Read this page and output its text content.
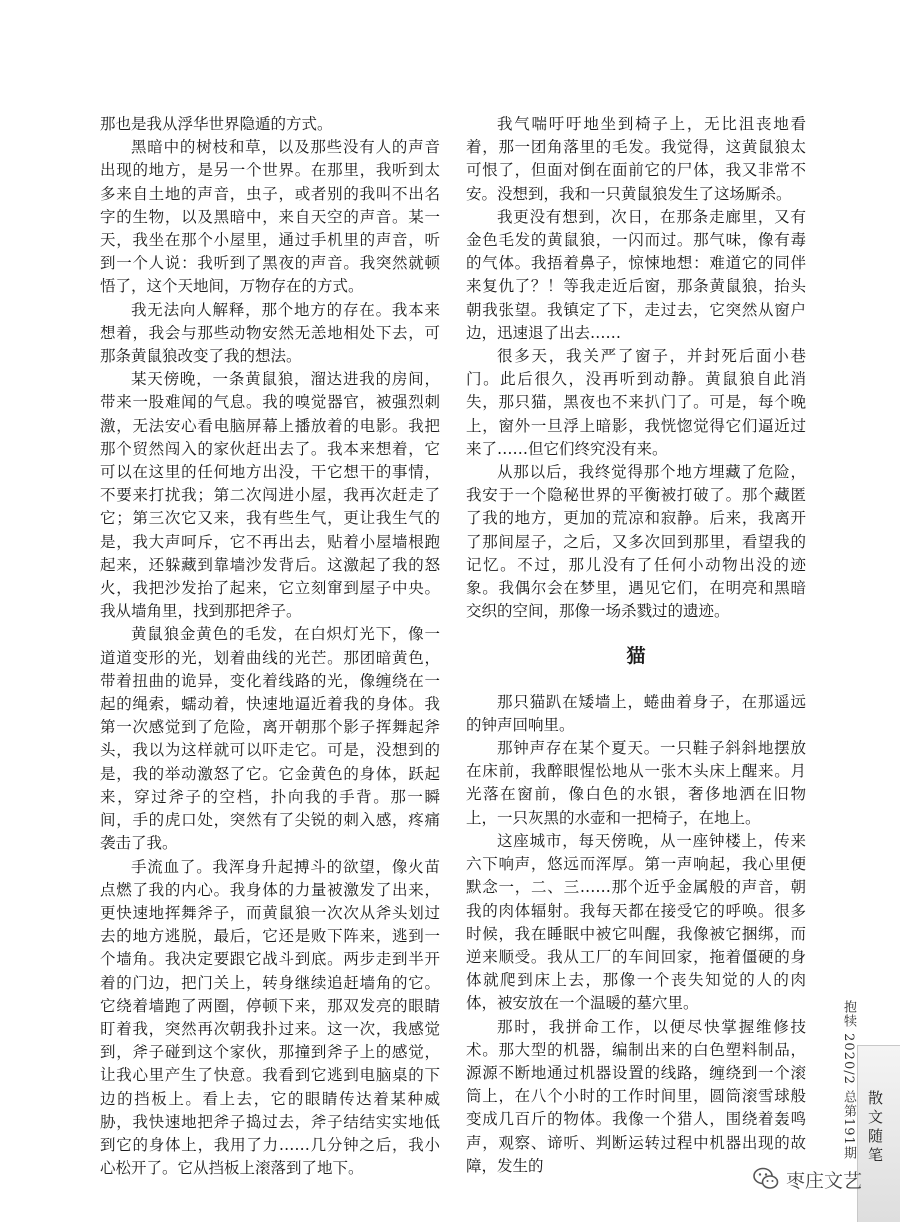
那也是我从浮华世界隐遁的方式。

黑暗中的树枝和草，以及那些没有人的声音出现的地方，是另一个世界。在那里，我听到太多来自土地的声音，虫子，或者别的我叫不出名字的生物，以及黑暗中，来自天空的声音。某一天，我坐在那个小屋里，通过手机里的声音，听到一个人说：我听到了黑夜的声音。我突然就顿悟了，这个天地间，万物存在的方式。

我无法向人解释，那个地方的存在。我本来想着，我会与那些动物安然无恙地相处下去，可那条黄鼠狼改变了我的想法。

某天傍晚，一条黄鼠狼，溜达进我的房间，带来一股难闻的气息。我的嗅觉器官，被强烈刺激，无法安心看电脑屏幕上播放着的电影。我把那个贸然闯入的家伙赶出去了。我本来想着，它可以在这里的任何地方出没，干它想干的事情，不要来打扰我；第二次闯进小屋，我再次赶走了它；第三次它又来，我有些生气，更让我生气的是，我大声呵斥，它不再出去，贴着小屋墙根跑起来，还躲藏到靠墙沙发背后。这激起了我的怒火，我把沙发抬了起来，它立刻窜到屋子中央。我从墙角里，找到那把斧子。

黄鼠狼金黄色的毛发，在白炽灯光下，像一道道变形的光，划着曲线的光芒。那团暗黄色，带着扭曲的诡异，变化着线路的光，像缠绕在一起的绳索，蠕动着，快速地逼近着我的身体。我第一次感觉到了危险，离开朝那个影子挥舞起斧头，我以为这样就可以吓走它。可是，没想到的是，我的举动激怒了它。它金黄色的身体，跃起来，穿过斧子的空档，扑向我的手背。那一瞬间，手的虎口处，突然有了尖锐的刺入感，疼痛袭击了我。

手流血了。我浑身升起搏斗的欲望，像火苗点燃了我的内心。我身体的力量被激发了出来，更快速地挥舞斧子，而黄鼠狼一次次从斧头划过去的地方逃脱，最后，它还是败下阵来，逃到一个墙角。我决定要跟它战斗到底。两步走到半开着的门边，把门关上，转身继续追赶墙角的它。它绕着墙跑了两圈，停顿下来，那双发亮的眼睛盯着我，突然再次朝我扑过来。这一次，我感觉到，斧子碰到这个家伙，那撞到斧子上的感觉，让我心里产生了快意。我看到它逃到电脑桌的下边的挡板上。看上去，它的眼睛传达着某种威胁，我快速地把斧子捣过去，斧子结结实实地低到它的身体上，我用了力……几分钟之后，我小心松开了。它从挡板上滚落到了地下。

我气喘吁吁地坐到椅子上，无比沮丧地看着，那一团角落里的毛发。我觉得，这黄鼠狼太可恨了，但面对倒在面前它的尸体，我又非常不安。没想到，我和一只黄鼠狼发生了这场厮杀。

我更没有想到，次日，在那条走廊里，又有金色毛发的黄鼠狼，一闪而过。那气味，像有毒的气体。我捂着鼻子，惊悚地想：难道它的同伴来复仇了？！等我走近后窗，那条黄鼠狼，抬头朝我张望。我镇定了下，走过去，它突然从窗户边，迅速退了出去……

很多天，我关严了窗子，并封死后面小巷门。此后很久，没再听到动静。黄鼠狼自此消失，那只猫，黑夜也不来扒门了。可是，每个晚上，窗外一旦浮上暗影，我恍惚觉得它们逼近过来了……但它们终究没有来。

从那以后，我终觉得那个地方埋藏了危险，我安于一个隐秘世界的平衡被打破了。那个藏匿了我的地方，更加的荒凉和寂静。后来，我离开了那间屋子，之后，又多次回到那里，看望我的记忆。不过，那儿没有了任何小动物出没的迹象。我偶尔会在梦里，遇见它们，在明亮和黑暗交织的空间，那像一场杀戮过的遗迹。

猫

那只猫趴在矮墙上，蜷曲着身子，在那遥远的钟声回响里。

那钟声存在某个夏天。一只鞋子斜斜地摆放在床前，我醉眼惺忪地从一张木头床上醒来。月光落在窗前，像白色的水银，奢侈地洒在旧物上，一只灰黑的水壶和一把椅子，在地上。

这座城市，每天傍晚，从一座钟楼上，传来六下响声，悠远而浑厚。第一声响起，我心里便默念一，二、三……那个近乎金属般的声音，朝我的肉体辐射。我每天都在接受它的呼唤。很多时候，我在睡眠中被它叫醒，我像被它捆绑，而逆来顺受。我从工厂的车间回家，拖着僵硬的身体就爬到床上去，那像一个丧失知觉的人的肉体，被安放在一个温暖的墓穴里。

那时，我拼命工作，以便尽快掌握维修技术。那大型的机器，编制出来的白色塑料制品，源源不断地通过机器设置的线路，缠绕到一个滚筒上，在八个小时的工作时间里，圆筒滚雪球般变成几百斤的物体。我像一个猎人，围绕着轰鸣声，观察、谛听、判断运转过程中机器出现的故障，发生的

抱犊 2020/2 总第191期 散文随笔
枣庄文艺
